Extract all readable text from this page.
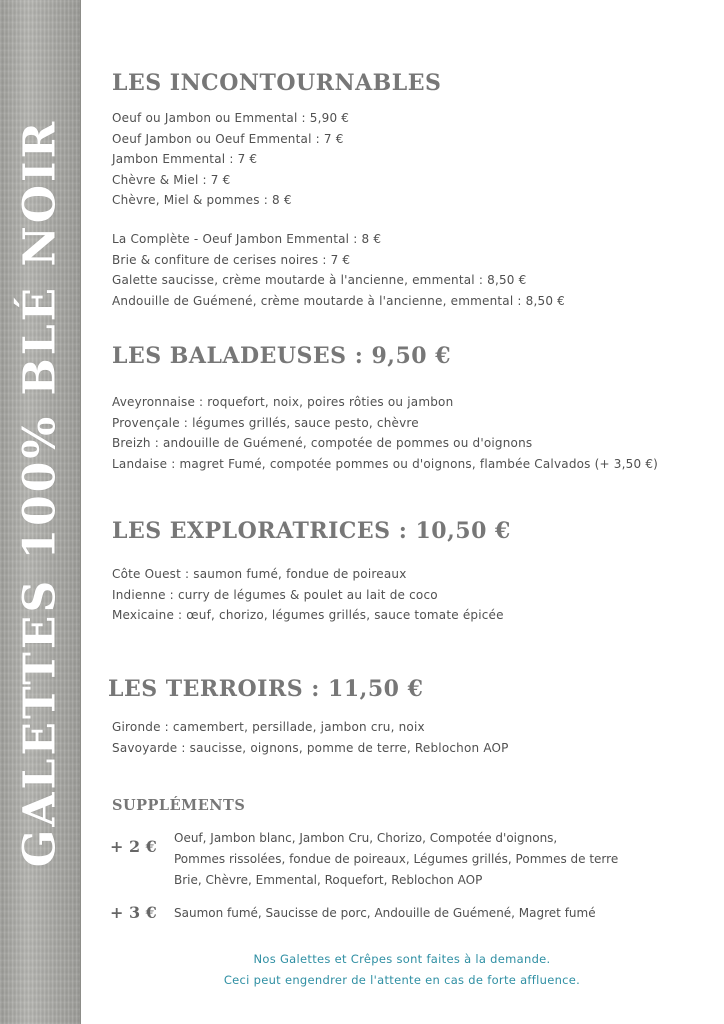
GALETTES 100% BLÉ NOIR
LES INCONTOURNABLES
Oeuf ou Jambon ou Emmental : 5,90 €
Oeuf Jambon ou Oeuf Emmental : 7 €
Jambon Emmental : 7 €
Chèvre & Miel : 7 €
Chèvre, Miel & pommes : 8 €
La Complète - Oeuf Jambon Emmental : 8 €
Brie & confiture de cerises noires : 7 €
Galette saucisse, crème moutarde à l'ancienne, emmental : 8,50 €
Andouille de Guémené, crème moutarde à l'ancienne, emmental : 8,50 €
LES BALADEUSES : 9,50 €
Aveyronnaise : roquefort, noix, poires rôties ou jambon
Provençale : légumes grillés, sauce pesto, chèvre
Breizh : andouille de Guémené, compotée de pommes ou d'oignons
Landaise : magret Fumé, compotée pommes ou d'oignons, flambée Calvados (+ 3,50 €)
LES EXPLORATRICES : 10,50 €
Côte Ouest : saumon fumé, fondue de poireaux
Indienne : curry de légumes & poulet au lait de coco
Mexicaine : œuf, chorizo, légumes grillés, sauce tomate épicée
LES TERROIRS : 11,50 €
Gironde : camembert, persillade, jambon cru, noix
Savoyarde : saucisse, oignons, pomme de terre, Reblochon AOP
SUPPLÉMENTS
+ 2 €	Oeuf, Jambon blanc, Jambon Cru, Chorizo, Compotée d'oignons,
Pommes rissolées, fondue de poireaux, Légumes grillés, Pommes de terre
Brie, Chèvre, Emmental, Roquefort, Reblochon AOP
+ 3 €	Saumon fumé, Saucisse de porc, Andouille de Guémené, Magret fumé

Nos Galettes et Crêpes sont faites à la demande.

Ceci peut engendrer de l'attente en cas de forte affluence.
